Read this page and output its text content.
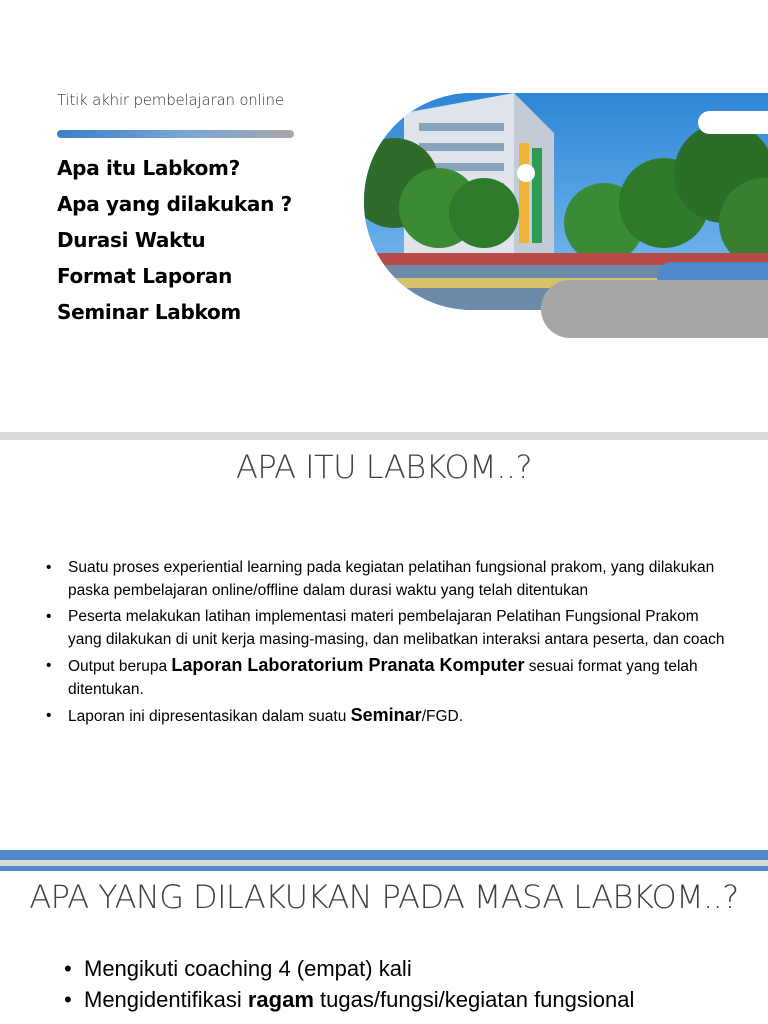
Titik akhir pembelajaran online
Apa itu Labkom?
Apa yang dilakukan ?
Durasi Waktu
Format Laporan
Seminar Labkom
APA ITU LABKOM..?
• Suatu proses experiential learning pada kegiatan pelatihan fungsional prakom, yang dilakukan paska pembelajaran online/offline dalam durasi waktu yang telah ditentukan
• Peserta melakukan latihan implementasi materi pembelajaran Pelatihan Fungsional Prakom yang dilakukan di unit kerja masing-masing, dan melibatkan interaksi antara peserta, dan coach
• Output berupa Laporan Laboratorium Pranata Komputer sesuai format yang telah ditentukan.
• Laporan ini dipresentasikan dalam suatu Seminar/FGD.
APA YANG DILAKUKAN PADA MASA LABKOM..?
• Mengikuti coaching 4 (empat) kali
• Mengidentifikasi ragam tugas/fungsi/kegiatan fungsional
